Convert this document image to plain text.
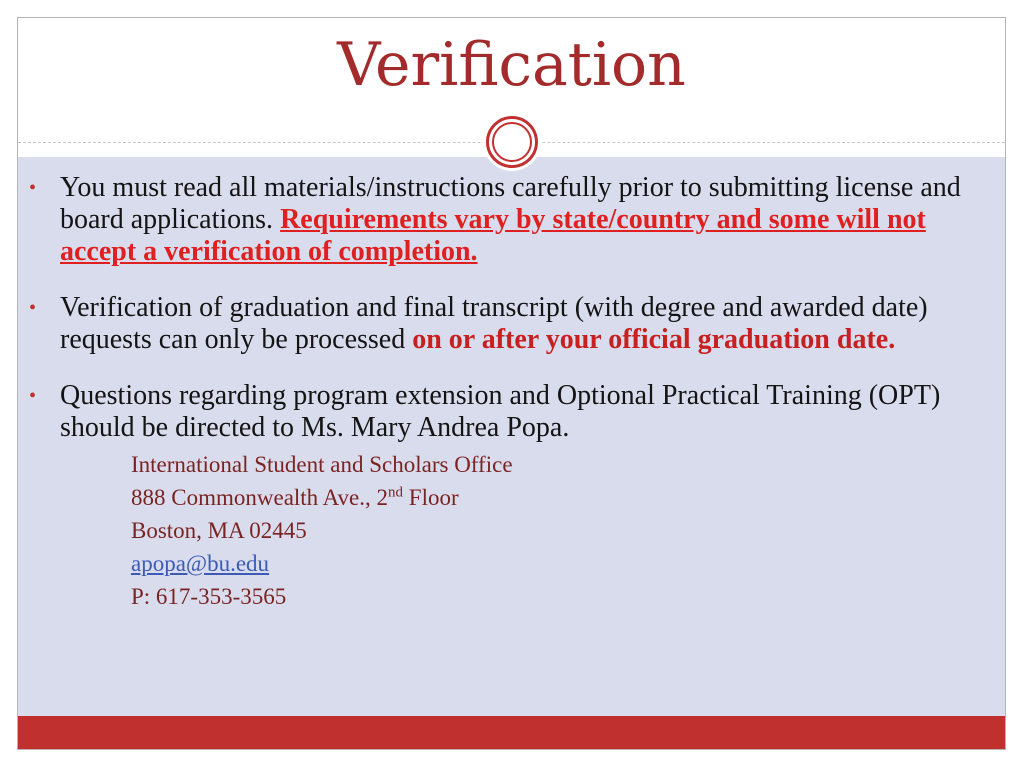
Verification
• You must read all materials/instructions carefully prior to submitting license and board applications. Requirements vary by state/country and some will not accept a verification of completion.
• Verification of graduation and final transcript (with degree and awarded date) requests can only be processed on or after your official graduation date.
• Questions regarding program extension and Optional Practical Training (OPT) should be directed to Ms. Mary Andrea Popa.
International Student and Scholars Office
888 Commonwealth Ave., 2nd Floor
Boston, MA 02445
apopa@bu.edu
P: 617-353-3565
